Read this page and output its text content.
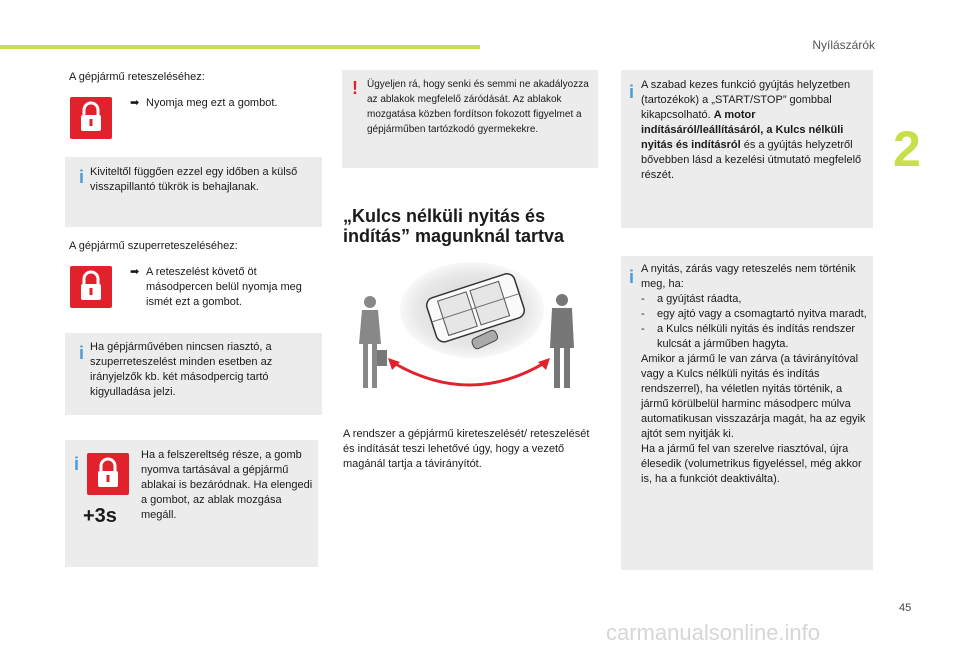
Nyílászárók
2
A gépjármű reteszeléséhez:
➡ Nyomja meg ezt a gombot.
i Kiviteltől függően ezzel egy időben a külső visszapillantó tükrök is behajlanak.
A gépjármű szuperreteszeléséhez:
➡ A reteszelést követő öt másodpercen belül nyomja meg ismét ezt a gombot.
i Ha gépjárművében nincsen riasztó, a szuperreteszelést minden esetben az irányjelzők kb. két másodpercig tartó kigyulladása jelzi.
i
+3s
Ha a felszereltség része, a gomb nyomva tartásával a gépjármű ablakai is bezáródnak. Ha elengedi a gombot, az ablak mozgása megáll.
! Ügyeljen rá, hogy senki és semmi ne akadályozza az ablakok megfelelő záródását. Az ablakok mozgatása közben fordítson fokozott figyelmet a gépjárműben tartózkodó gyermekekre.
„Kulcs nélküli nyitás és
indítás” magunknál tartva
A rendszer a gépjármű kireteszelését/ reteszelését és indítását teszi lehetővé úgy, hogy a vezető magánál tartja a távirányítót.
i A szabad kezes funkció gyújtás helyzetben (tartozékok) a „START/STOP” gombbal kikapcsolható. A motor indításáról/leállításáról, a Kulcs nélküli nyitás és indításról és a gyújtás helyzetről bővebben lásd a kezelési útmutató megfelelő részét.
i A nyitás, zárás vagy reteszelés nem történik meg, ha:
-	a gyújtást ráadta,
-	egy ajtó vagy a csomagtartó nyitva maradt,
-	a Kulcs nélküli nyitás és indítás rendszer kulcsát a járműben hagyta.
Amikor a jármű le van zárva (a távirányítóval vagy a Kulcs nélküli nyitás és indítás rendszerrel), ha véletlen nyitás történik, a jármű körülbelül harminc másodperc múlva automatikusan visszazárja magát, ha az egyik ajtót sem nyitják ki.
Ha a jármű fel van szerelve riasztóval, újra élesedik (volumetrikus figyeléssel, még akkor is, ha a funkciót deaktiválta).
45
carmanualsonline.info
